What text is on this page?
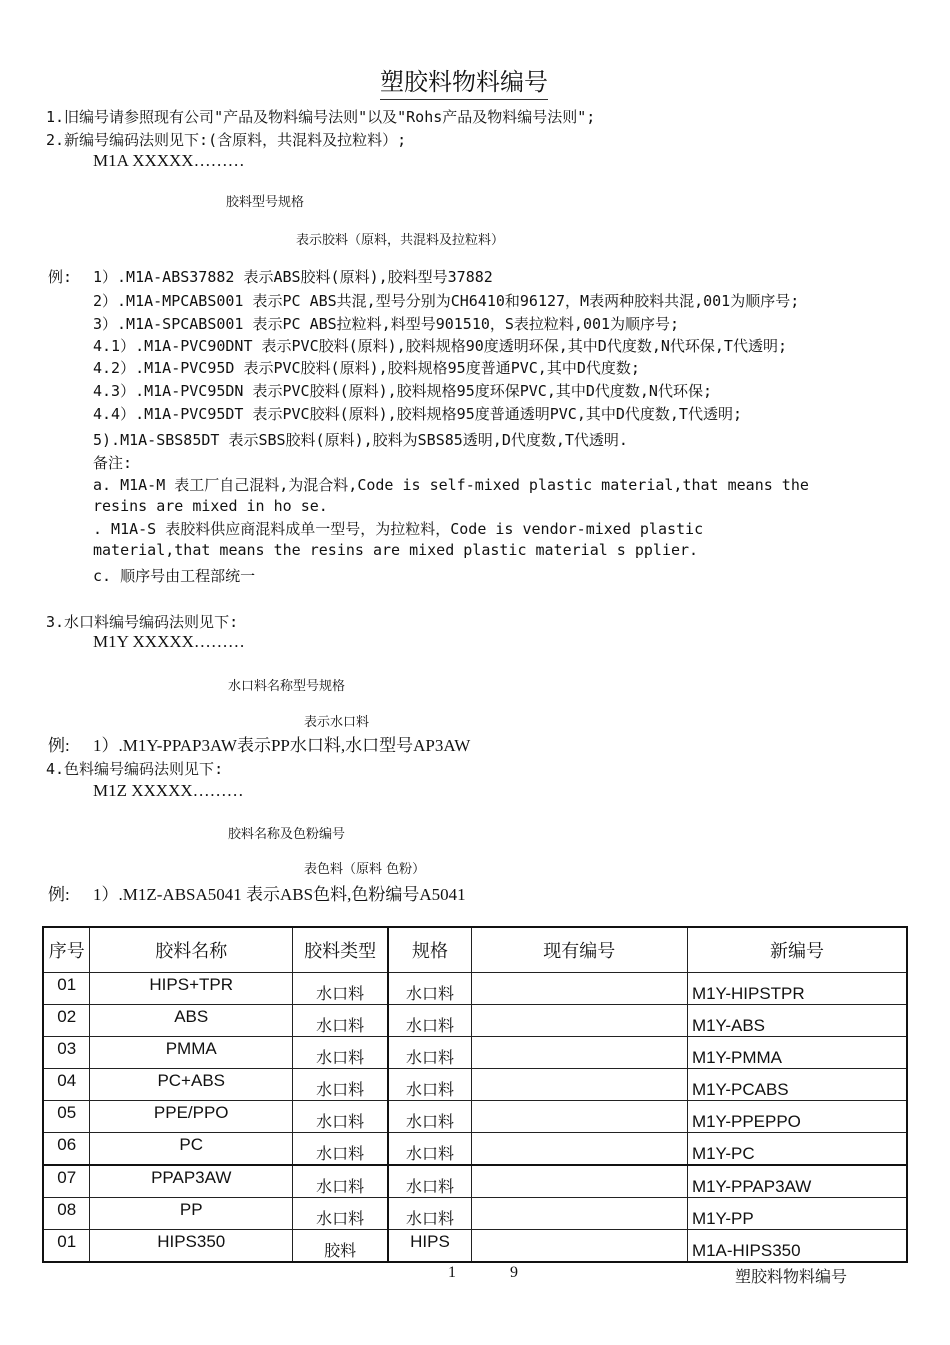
塑胶料物料编号
1.旧编号请参照现有公司"产品及物料编号法则"以及"Rohs产品及物料编号法则";
2.新编号编码法则见下:(含原料，共混料及拉粒料）;
M1A XXXXX………
胶料型号规格
表示胶料（原料，共混料及拉粒料）
例: 1）.M1A-ABS37882 表示ABS胶料(原料),胶料型号37882
2）.M1A-MPCABS001 表示PC ABS共混,型号分别为CH6410和96127，M表两种胶料共混,001为顺序号;
3）.M1A-SPCABS001 表示PC ABS拉粒料,料型号901510，S表拉粒料,001为顺序号;
4.1）.M1A-PVC90DNT 表示PVC胶料(原料),胶料规格90度透明环保,其中D代度数,N代环保,T代透明;
4.2）.M1A-PVC95D 表示PVC胶料(原料),胶料规格95度普通PVC,其中D代度数;
4.3）.M1A-PVC95DN 表示PVC胶料(原料),胶料规格95度环保PVC,其中D代度数,N代环保;
4.4）.M1A-PVC95DT 表示PVC胶料(原料),胶料规格95度普通透明PVC,其中D代度数,T代透明;
5).M1A-SBS85DT 表示SBS胶料(原料),胶料为SBS85透明,D代度数,T代透明.
备注:
a. M1A-M 表工厂自己混料,为混合料,Code is self-mixed plastic material,that means the
resins are mixed in ho se.
. M1A-S 表胶料供应商混料成单一型号，为拉粒料，Code is vendor-mixed plastic
material,that means the resins are mixed plastic material s pplier.
c. 顺序号由工程部统一
3.水口料编号编码法则见下:
M1Y XXXXX………
水口料名称型号规格
表示水口料
例: 1）.M1Y-PPAP3AW表示PP水口料,水口型号AP3AW
4.色料编号编码法则见下:
M1Z XXXXX………
胶料名称及色粉编号
表色料（原料 色粉）
例: 1）.M1Z-ABSA5041 表示ABS色料,色粉编号A5041
序号	胶料名称	胶料类型	规格	现有编号	新编号
01	HIPS+TPR	水口料	水口料		M1Y-HIPSTPR
02	ABS	水口料	水口料		M1Y-ABS
03	PMMA	水口料	水口料		M1Y-PMMA
04	PC+ABS	水口料	水口料		M1Y-PCABS
05	PPE/PPO	水口料	水口料		M1Y-PPEPPO
06	PC	水口料	水口料		M1Y-PC
07	PPAP3AW	水口料	水口料		M1Y-PPAP3AW
08	PP	水口料	水口料		M1Y-PP
01	HIPS350	胶料	HIPS		M1A-HIPS350
1	9	塑胶料物料编号
